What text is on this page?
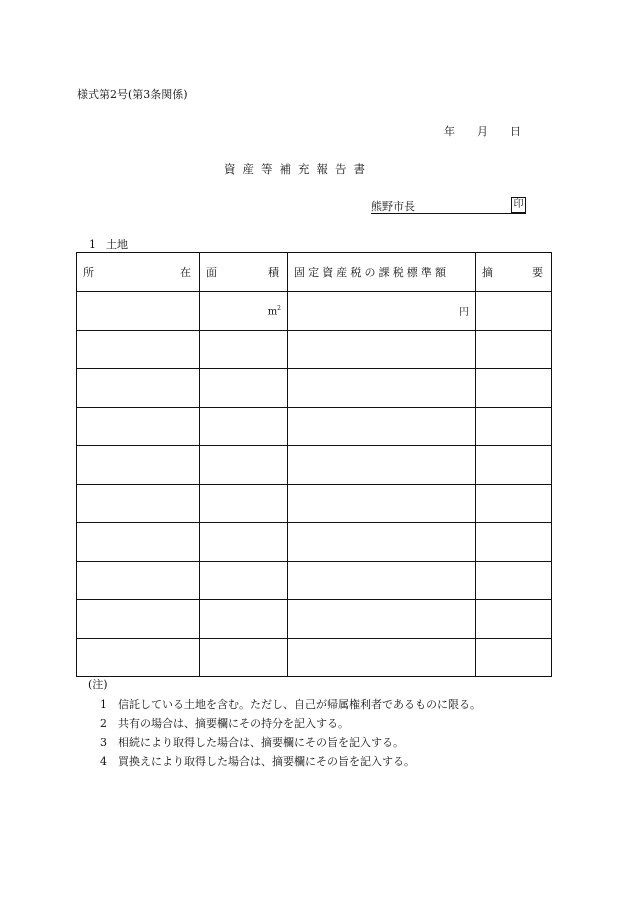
様式第2号(第3条関係)
年 月 日
資産等補充報告書
熊野市長	印
1 土地
所 在	面 積	固定資産税の課税標準額	摘 要

	$m^2$	円	

(注)
1 信託している土地を含む。ただし、自己が帰属権利者であるものに限る。
2 共有の場合は、摘要欄にその持分を記入する。
3 相続により取得した場合は、摘要欄にその旨を記入する。
4 買換えにより取得した場合は、摘要欄にその旨を記入する。
